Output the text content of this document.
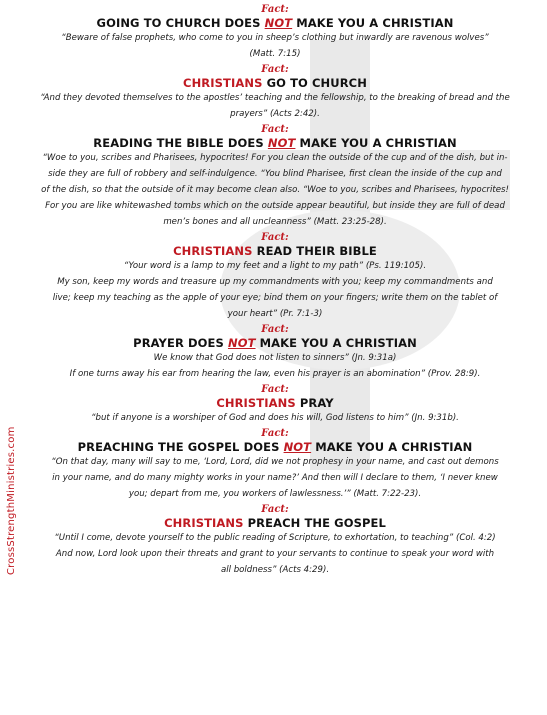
CrossStrengthMinistries.com
Fact:
GOING TO CHURCH DOES NOT MAKE YOU A CHRISTIAN
“Beware of false prophets, who come to you in sheep’s clothing but inwardly are ravenous wolves”
(Matt. 7:15)
Fact:
CHRISTIANS GO TO CHURCH
“And they devoted themselves to the apostles’ teaching and the fellowship, to the breaking of bread and the
prayers” (Acts 2:42).
Fact:
READING THE BIBLE DOES NOT MAKE YOU A CHRISTIAN
“Woe to you, scribes and Pharisees, hypocrites! For you clean the outside of the cup and of the dish, but in-
side they are full of robbery and self-indulgence. “You blind Pharisee, first clean the inside of the cup and
of the dish, so that the outside of it may become clean also. “Woe to you, scribes and Pharisees, hypocrites!
For you are like whitewashed tombs which on the outside appear beautiful, but inside they are full of dead
men’s bones and all uncleanness” (Matt. 23:25-28).
Fact:
CHRISTIANS READ THEIR BIBLE
“Your word is a lamp to my feet and a light to my path” (Ps. 119:105).
My son, keep my words and treasure up my commandments with you; keep my commandments and
live; keep my teaching as the apple of your eye; bind them on your fingers; write them on the tablet of
your heart” (Pr. 7:1-3)
Fact:
PRAYER DOES NOT MAKE YOU A CHRISTIAN
We know that God does not listen to sinners” (Jn. 9:31a)
If one turns away his ear from hearing the law, even his prayer is an abomination” (Prov. 28:9).
Fact:
CHRISTIANS PRAY
“but if anyone is a worshiper of God and does his will, God listens to him” (Jn. 9:31b).
Fact:
PREACHING THE GOSPEL DOES NOT MAKE YOU A CHRISTIAN
“On that day, many will say to me, ‘Lord, Lord, did we not prophesy in your name, and cast out demons
in your name, and do many mighty works in your name?’ And then will I declare to them, ‘I never knew
you; depart from me, you workers of lawlessness.’” (Matt. 7:22-23).
Fact:
CHRISTIANS PREACH THE GOSPEL
“Until I come, devote yourself to the public reading of Scripture, to exhortation, to teaching” (Col. 4:2)
And now, Lord look upon their threats and grant to your servants to continue to speak your word with
all boldness” (Acts 4:29).
